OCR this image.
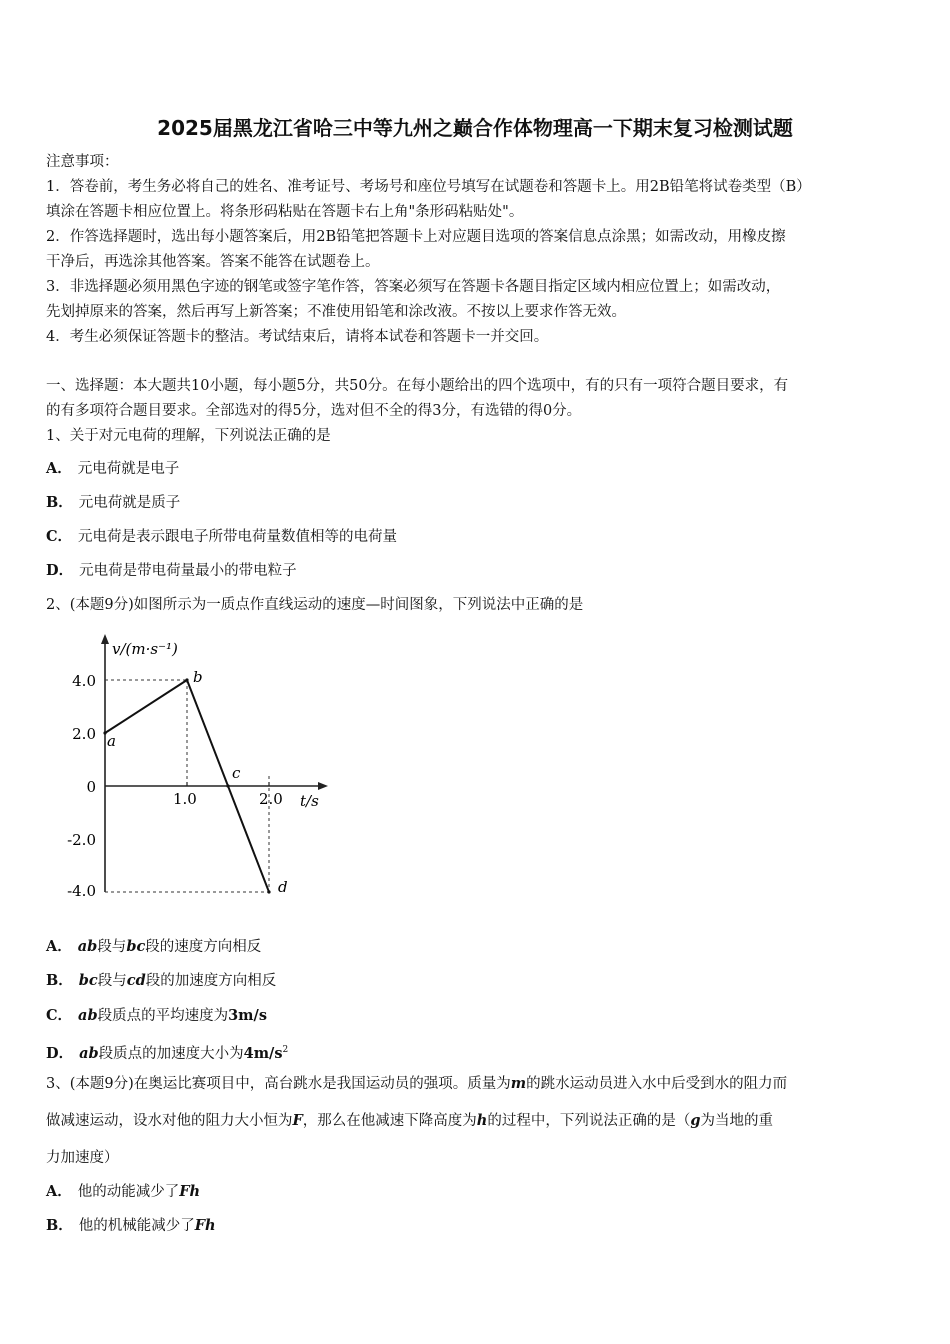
2025届黑龙江省哈三中等九州之巅合作体物理高一下期末复习检测试题
注意事项：
1．答卷前，考生务必将自己的姓名、准考证号、考场号和座位号填写在试题卷和答题卡上。用2B铅笔将试卷类型（B）
填涂在答题卡相应位置上。将条形码粘贴在答题卡右上角"条形码粘贴处"。
2．作答选择题时，选出每小题答案后，用2B铅笔把答题卡上对应题目选项的答案信息点涂黑；如需改动，用橡皮擦
干净后，再选涂其他答案。答案不能答在试题卷上。
3．非选择题必须用黑色字迹的钢笔或签字笔作答，答案必须写在答题卡各题目指定区域内相应位置上；如需改动，
先划掉原来的答案，然后再写上新答案；不准使用铅笔和涂改液。不按以上要求作答无效。
4．考生必须保证答题卡的整洁。考试结束后，请将本试卷和答题卡一并交回。
一、选择题：本大题共10小题，每小题5分，共50分。在每小题给出的四个选项中，有的只有一项符合题目要求，有
的有多项符合题目要求。全部选对的得5分，选对但不全的得3分，有选错的得0分。
1、关于对元电荷的理解，下列说法正确的是
A． 元电荷就是电子
B． 元电荷就是质子
C． 元电荷是表示跟电子所带电荷量数值相等的电荷量
D． 元电荷是带电荷量最小的带电粒子
2、(本题9分)如图所示为一质点作直线运动的速度—时间图象，下列说法中正确的是
v/(m·s⁻¹)
t/s
1.0	2.0
4.0
2.0
0
-2.0
-4.0
a
b
c
d
A． ab段与bc段的速度方向相反
B． bc段与cd段的加速度方向相反
C． ab段质点的平均速度为3m/s
D． ab段质点的加速度大小为$4m/s^2$
3、(本题9分)在奥运比赛项目中，高台跳水是我国运动员的强项。质量为m的跳水运动员进入水中后受到水的阻力而
做减速运动，设水对他的阻力大小恒为F，那么在他减速下降高度为h的过程中，下列说法正确的是（g为当地的重
力加速度）
A． 他的动能减少了Fh
B． 他的机械能减少了Fh
